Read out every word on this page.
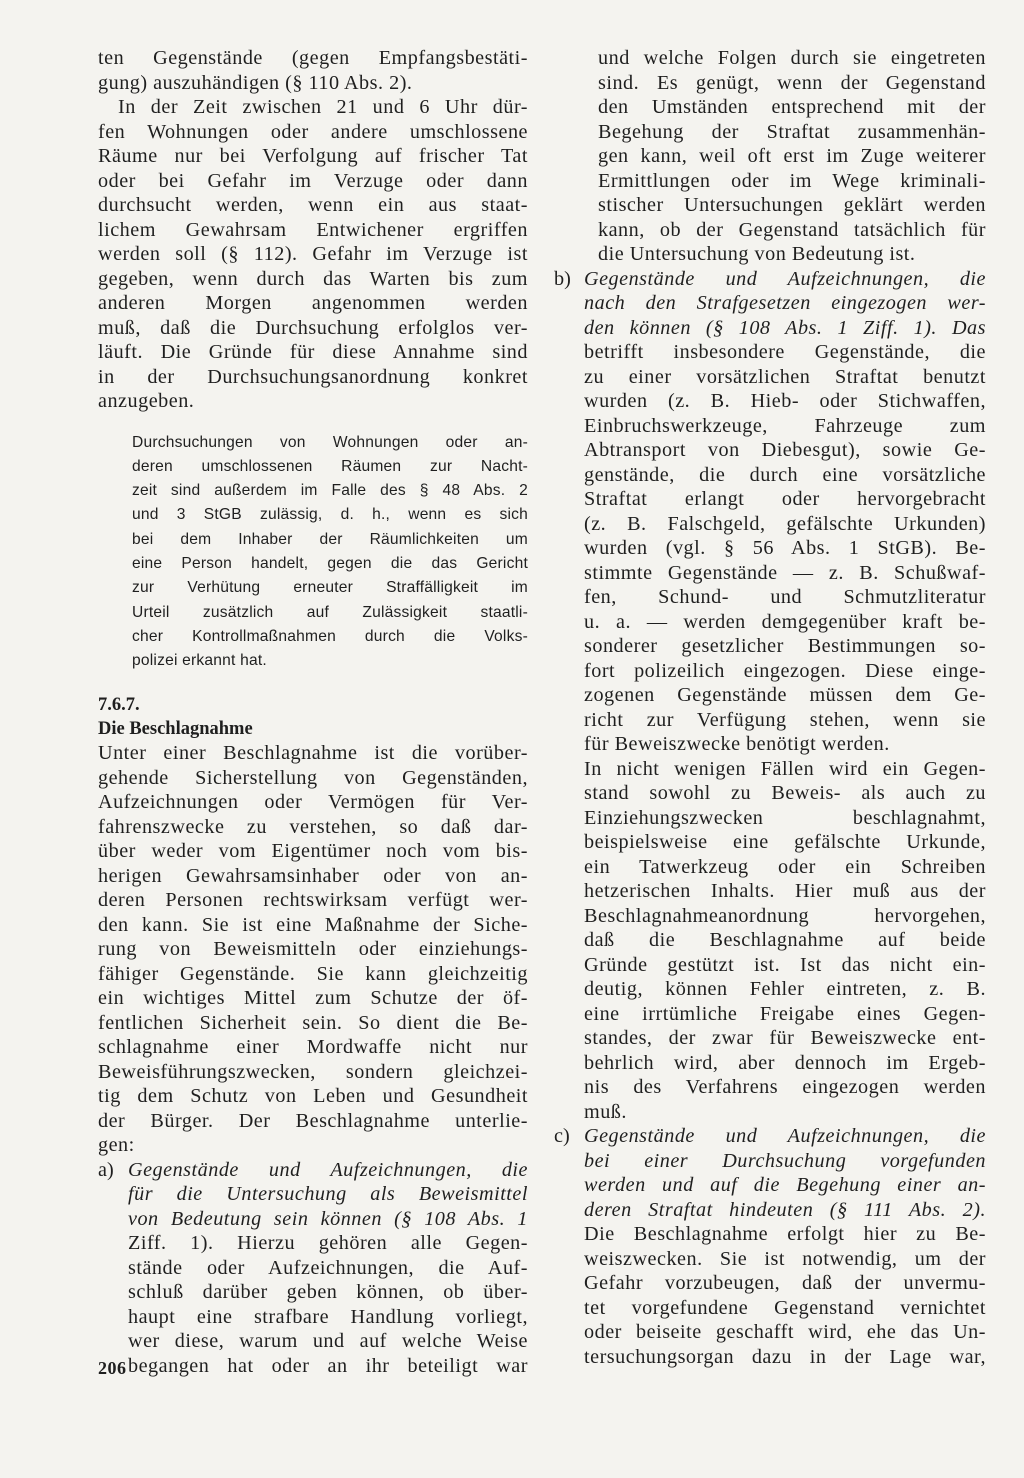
ten Gegenstände (gegen Empfangsbestäti-
gung) auszuhändigen (§ 110 Abs. 2).
In der Zeit zwischen 21 und 6 Uhr dür-
fen Wohnungen oder andere umschlossene
Räume nur bei Verfolgung auf frischer Tat
oder bei Gefahr im Verzuge oder dann
durchsucht werden, wenn ein aus staat-
lichem Gewahrsam Entwichener ergriffen
werden soll (§ 112). Gefahr im Verzuge ist
gegeben, wenn durch das Warten bis zum
anderen Morgen angenommen werden
muß, daß die Durchsuchung erfolglos ver-
läuft. Die Gründe für diese Annahme sind
in der Durchsuchungsanordnung konkret
anzugeben.
Durchsuchungen von Wohnungen oder an-
deren umschlossenen Räumen zur Nacht-
zeit sind außerdem im Falle des § 48 Abs. 2
und 3 StGB zulässig, d. h., wenn es sich
bei dem Inhaber der Räumlichkeiten um
eine Person handelt, gegen die das Gericht
zur Verhütung erneuter Straffälligkeit im
Urteil zusätzlich auf Zulässigkeit staatli-
cher Kontrollmaßnahmen durch die Volks-
polizei erkannt hat.
7.6.7.
Die Beschlagnahme
Unter einer Beschlagnahme ist die vorüber-
gehende Sicherstellung von Gegenständen,
Aufzeichnungen oder Vermögen für Ver-
fahrenszwecke zu verstehen, so daß dar-
über weder vom Eigentümer noch vom bis-
herigen Gewahrsamsinhaber oder von an-
deren Personen rechtswirksam verfügt wer-
den kann. Sie ist eine Maßnahme der Siche-
rung von Beweismitteln oder einziehungs-
fähiger Gegenstände. Sie kann gleichzeitig
ein wichtiges Mittel zum Schutze der öf-
fentlichen Sicherheit sein. So dient die Be-
schlagnahme einer Mordwaffe nicht nur
Beweisführungszwecken, sondern gleichzei-
tig dem Schutz von Leben und Gesundheit
der Bürger. Der Beschlagnahme unterlie-
gen:
a) Gegenstände und Aufzeichnungen, die
für die Untersuchung als Beweismittel
von Bedeutung sein können (§ 108 Abs. 1
Ziff. 1). Hierzu gehören alle Gegen-
stände oder Aufzeichnungen, die Auf-
schluß darüber geben können, ob über-
haupt eine strafbare Handlung vorliegt,
wer diese, warum und auf welche Weise
begangen hat oder an ihr beteiligt war
und welche Folgen durch sie eingetreten
sind. Es genügt, wenn der Gegenstand
den Umständen entsprechend mit der
Begehung der Straftat zusammenhän-
gen kann, weil oft erst im Zuge weiterer
Ermittlungen oder im Wege kriminali-
stischer Untersuchungen geklärt werden
kann, ob der Gegenstand tatsächlich für
die Untersuchung von Bedeutung ist.
b) Gegenstände und Aufzeichnungen, die
nach den Strafgesetzen eingezogen wer-
den können (§ 108 Abs. 1 Ziff. 1). Das
betrifft insbesondere Gegenstände, die
zu einer vorsätzlichen Straftat benutzt
wurden (z. B. Hieb- oder Stichwaffen,
Einbruchswerkzeuge, Fahrzeuge zum
Abtransport von Diebesgut), sowie Ge-
genstände, die durch eine vorsätzliche
Straftat erlangt oder hervorgebracht
(z. B. Falschgeld, gefälschte Urkunden)
wurden (vgl. § 56 Abs. 1 StGB). Be-
stimmte Gegenstände — z. B. Schußwaf-
fen, Schund- und Schmutzliteratur
u. a. — werden demgegenüber kraft be-
sonderer gesetzlicher Bestimmungen so-
fort polizeilich eingezogen. Diese einge-
zogenen Gegenstände müssen dem Ge-
richt zur Verfügung stehen, wenn sie
für Beweiszwecke benötigt werden.
In nicht wenigen Fällen wird ein Gegen-
stand sowohl zu Beweis- als auch zu
Einziehungszwecken beschlagnahmt,
beispielsweise eine gefälschte Urkunde,
ein Tatwerkzeug oder ein Schreiben
hetzerischen Inhalts. Hier muß aus der
Beschlagnahmeanordnung hervorgehen,
daß die Beschlagnahme auf beide
Gründe gestützt ist. Ist das nicht ein-
deutig, können Fehler eintreten, z. B.
eine irrtümliche Freigabe eines Gegen-
standes, der zwar für Beweiszwecke ent-
behrlich wird, aber dennoch im Ergeb-
nis des Verfahrens eingezogen werden
muß.
c) Gegenstände und Aufzeichnungen, die
bei einer Durchsuchung vorgefunden
werden und auf die Begehung einer an-
deren Straftat hindeuten (§ 111 Abs. 2).
Die Beschlagnahme erfolgt hier zu Be-
weiszwecken. Sie ist notwendig, um der
Gefahr vorzubeugen, daß der unvermu-
tet vorgefundene Gegenstand vernichtet
oder beiseite geschafft wird, ehe das Un-
tersuchungsorgan dazu in der Lage war,
206
